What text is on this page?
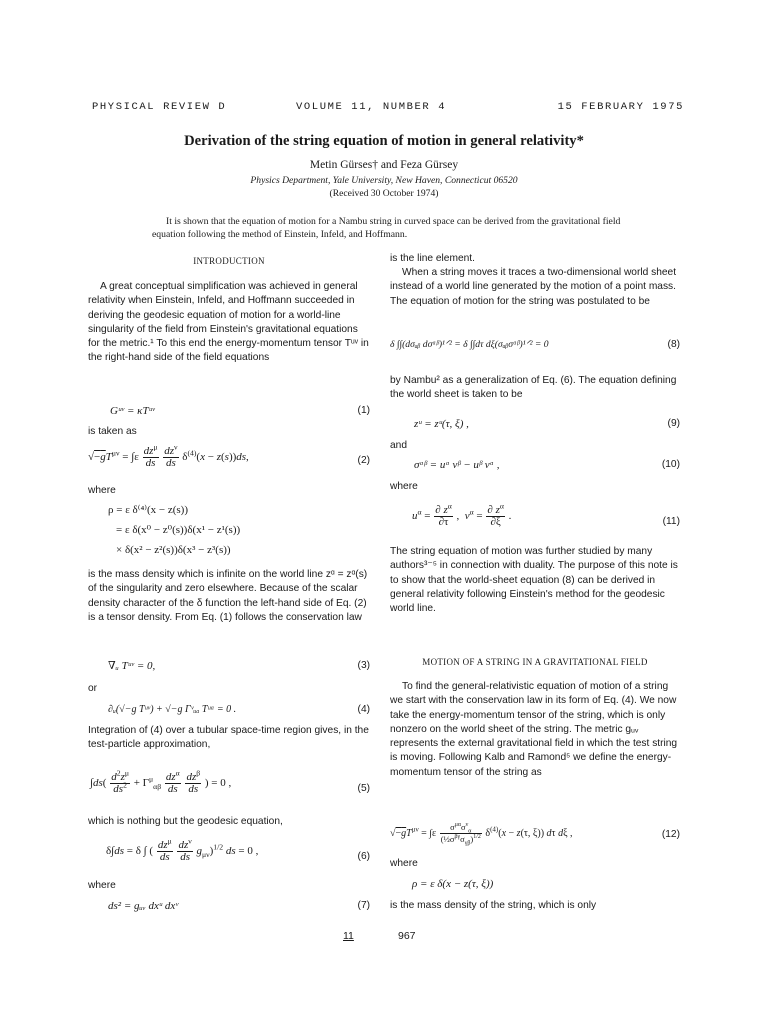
PHYSICAL REVIEW D	VOLUME 11, NUMBER 4	15 FEBRUARY 1975
Derivation of the string equation of motion in general relativity*
Metin Gürses† and Feza Gürsey
Physics Department, Yale University, New Haven, Connecticut 06520
(Received 30 October 1974)

It is shown that the equation of motion for a Nambu string in curved space can be derived from the gravitational field equation following the method of Einstein, Infeld, and Hoffmann.

INTRODUCTION

A great conceptual simplification was achieved in general relativity when Einstein, Infeld, and Hoffmann succeeded in deriving the geodesic equation of motion for a world-line singularity of the field from Einstein's gravitational equations for the metric.¹ To this end the energy-momentum tensor Tᵘᵛ in the right-hand side of the field equations

Gᵘᵛ = κTᵘᵛ	(1)

is taken as

$√-gT^{\mu\nu} = \int\varepsilon \frac{dz^\mu}{ds}$
$\frac{dz^\nu}{ds} \delta^{(4)}(x - z(s))ds$,	(2)

where

ρ = ε δ⁽⁴⁾(x − z(s))
= ε δ(x⁰ − z⁰(s))δ(x¹ − z¹(s))
× δ(x² − z²(s))δ(x³ − z³(s))

is the mass density which is infinite on the world line zᵅ = zᵅ(s) of the singularity and zero elsewhere. Because of the scalar density character of the δ function the left-hand side of Eq. (2) is a tensor density. From Eq. (1) follows the conservation law

∇ᵤ Tᵘᵛ = 0,	(3)

or

∂ᵤ(√−g Tᵘᵛ) + √−g Γᵛᵤₐ Tᵘᵅ = 0 .	(4)

Integration of (4) over a tubular space-time region gives, in the test-particle approximation,

$\int ds( \frac{d^2z^\mu}{ds^2} + \Gamma^\mu_{\alpha\beta} \frac{dz^\alpha}{ds}$
$\frac{dz^\beta}{ds}$ ) = 0 ,	(5)

which is nothing but the geodesic equation,

δ∫ds = δ ∫ ( $\frac{dz^\mu}{ds}$
$\frac{dz^\nu}{ds} g_{\mu\nu})^{1/2}$ ds = 0 ,	(6)

where

ds² = gᵤᵥ dxᵘ dxᵛ	(7)

is the line element.

When a string moves it traces a two-dimensional world sheet instead of a world line generated by the motion of a point mass. The equation of motion for the string was postulated to be

δ ∫∫(dσₐᵦ dσᵅᵝ)¹ᐟ² = δ ∫∫dτ dξ(σₐᵦσᵅᵝ)¹ᐟ² = 0	(8)

by Nambu² as a generalization of Eq. (6). The equation defining the world sheet is taken to be

zᵘ = zᵘ(τ, ξ) ,	(9)

and

σᵅᵝ = uᵅ vᵝ − uᵝ vᵅ ,	(10)

where

$u^\alpha = \frac{\partial z^\alpha}{\partial\tau}$ ,  $v^\alpha = \frac{\partial z^\alpha}{\partial\xi}$ .	(11)

The string equation of motion was further studied by many authors³⁻⁵ in connection with duality. The purpose of this note is to show that the world-sheet equation (8) can be derived in general relativity following Einstein's method for the geodesic world line.

MOTION OF A STRING IN A GRAVITATIONAL FIELD

To find the general-relativistic equation of motion of a string we start with the conservation law in its form of Eq. (4). We now take the energy-momentum tensor of the string, which is only nonzero on the world sheet of the string. The metric gᵤᵥ represents the external gravitational field in which the test string is moving. Following Kalb and Ramond⁵ we define the energy-momentum tensor of the string as

$√-gT^{\mu\nu} = \int\varepsilon \frac{\sigma^{\mu\alpha}\sigma^\nu_\alpha}{(\frac{1}{2}\sigma^{\beta\gamma}\sigma_{\gamma\beta})^{1/2}} \delta^{(4)}(x - z(\tau$, ξ)) dτ dξ ,	(12)

where

ρ = ε δ(x − z(τ, ξ))

is the mass density of the string, which is only

11	967
